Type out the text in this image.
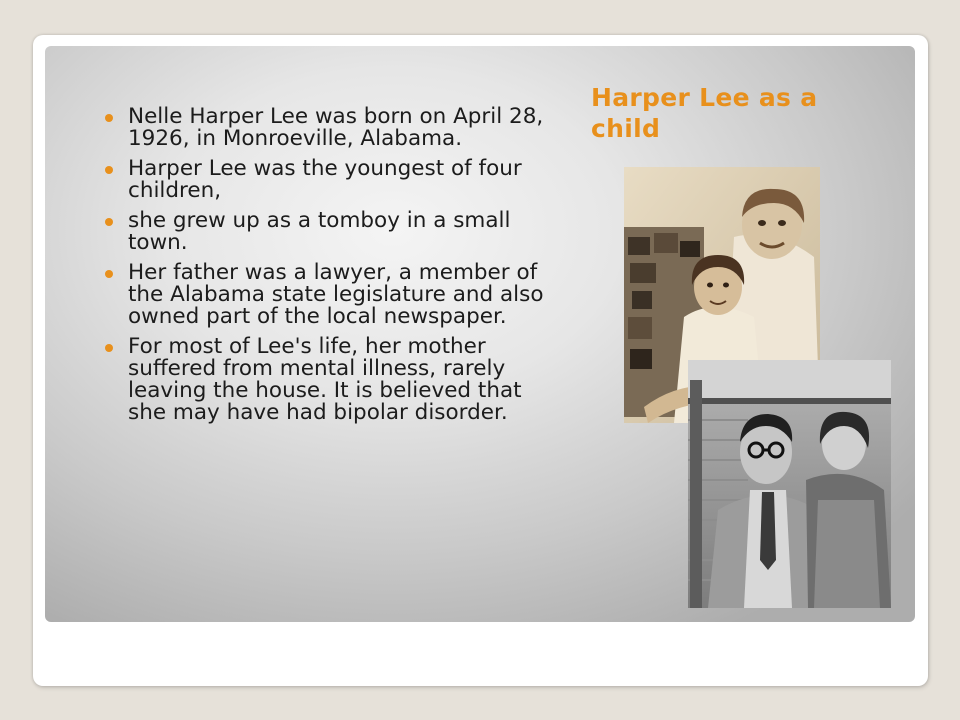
Harper Lee as a child
Nelle Harper Lee was born on April 28, 1926, in Monroeville, Alabama.
Harper Lee was the youngest of four children,
she grew up as a tomboy in a small town.
Her father was a lawyer, a member of the Alabama state legislature and also owned part of the local newspaper.
For most of Lee's life, her mother suffered from mental illness, rarely leaving the house. It is believed that she may have had bipolar disorder.
